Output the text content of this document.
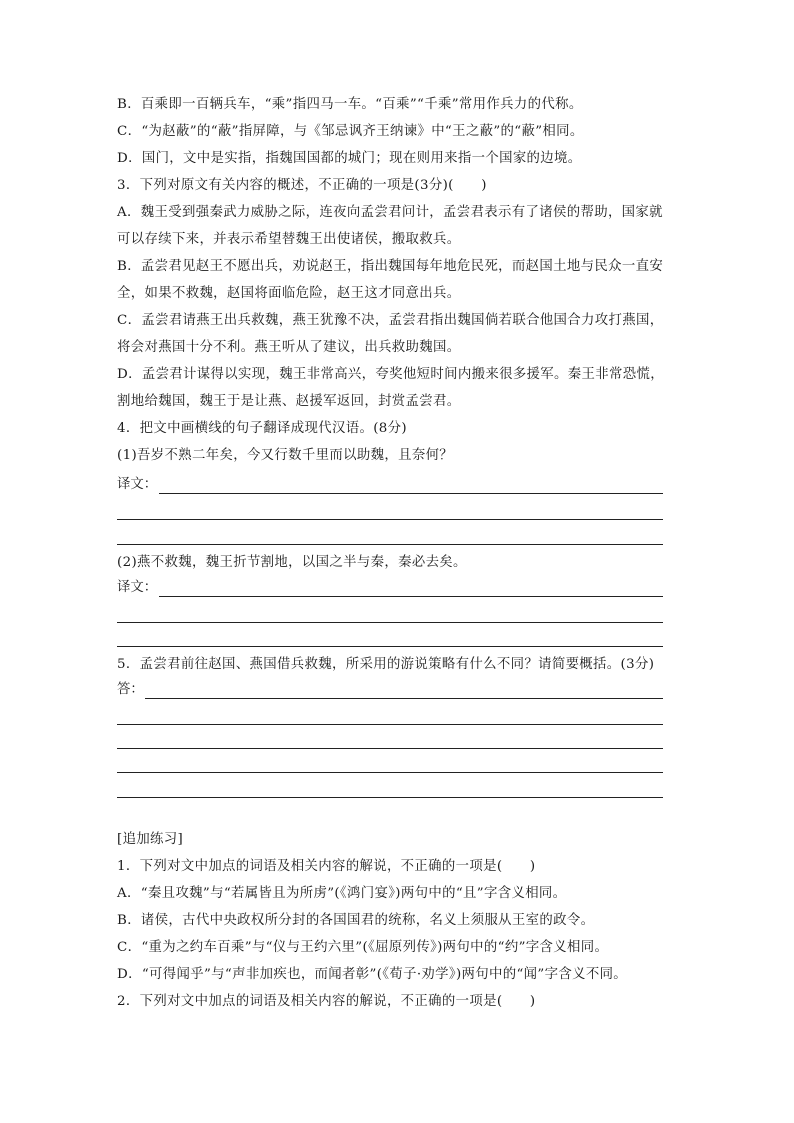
B．百乘即一百辆兵车，“乘”指四马一车。“百乘”“千乘”常用作兵力的代称。
C．“为赵蔽”的“蔽”指屏障，与《邹忌讽齐王纳谏》中“王之蔽”的“蔽”相同。
D．国门，文中是实指，指魏国国都的城门；现在则用来指一个国家的边境。
3．下列对原文有关内容的概述，不正确的一项是(3分)(　　)
A．魏王受到强秦武力威胁之际，连夜向孟尝君问计，孟尝君表示有了诸侯的帮助，国家就
可以存续下来，并表示希望替魏王出使诸侯，搬取救兵。
B．孟尝君见赵王不愿出兵，劝说赵王，指出魏国每年地危民死，而赵国土地与民众一直安
全，如果不救魏，赵国将面临危险，赵王这才同意出兵。
C．孟尝君请燕王出兵救魏，燕王犹豫不决，孟尝君指出魏国倘若联合他国合力攻打燕国，
将会对燕国十分不利。燕王听从了建议，出兵救助魏国。
D．孟尝君计谋得以实现，魏王非常高兴，夸奖他短时间内搬来很多援军。秦王非常恐慌，
割地给魏国，魏王于是让燕、赵援军返回，封赏孟尝君。
4．把文中画横线的句子翻译成现代汉语。(8分)
(1)吾岁不熟二年矣，今又行数千里而以助魏，且奈何？
译文：
(2)燕不救魏，魏王折节割地，以国之半与秦，秦必去矣。
译文：
5．孟尝君前往赵国、燕国借兵救魏，所采用的游说策略有什么不同？请简要概括。(3分)
答：
[追加练习]
1．下列对文中加点的词语及相关内容的解说，不正确的一项是(　　)
A．“秦且攻魏”与“若属皆且为所虏”(《鸿门宴》)两句中的“且”字含义相同。
B．诸侯，古代中央政权所分封的各国国君的统称，名义上须服从王室的政令。
C．“重为之约车百乘”与“仪与王约六里”(《屈原列传》)两句中的“约”字含义相同。
D．“可得闻乎”与“声非加疾也，而闻者彰”(《荀子·劝学》)两句中的“闻”字含义不同。
2．下列对文中加点的词语及相关内容的解说，不正确的一项是(　　)
